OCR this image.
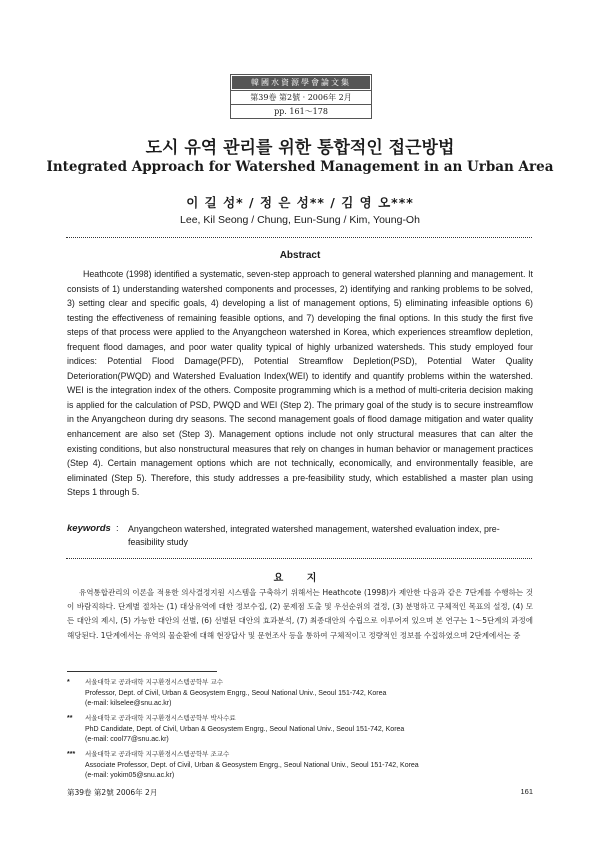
韓國水資源學會論文集
第39卷 第2號 · 2006年 2月
pp. 161～178
도시 유역 관리를 위한 통합적인 접근방법
Integrated Approach for Watershed Management in an Urban Area
이 길 성* / 정 은 성** / 김 영 오***
Lee, Kil Seong / Chung, Eun-Sung / Kim, Young-Oh
Abstract
Heathcote (1998) identified a systematic, seven-step approach to general watershed planning and management. It consists of 1) understanding watershed components and processes, 2) identifying and ranking problems to be solved, 3) setting clear and specific goals, 4) developing a list of management options, 5) eliminating infeasible options 6) testing the effectiveness of remaining feasible options, and 7) developing the final options. In this study the first five steps of that process were applied to the Anyangcheon watershed in Korea, which experiences streamflow depletion, frequent flood damages, and poor water quality typical of highly urbanized watersheds. This study employed four indices: Potential Flood Damage(PFD), Potential Streamflow Depletion(PSD), Potential Water Quality Deterioration(PWQD) and Watershed Evaluation Index(WEI) to identify and quantify problems within the watershed. WEI is the integration index of the others. Composite programming which is a method of multi-criteria decision making is applied for the calculation of PSD, PWQD and WEI (Step 2). The primary goal of the study is to secure instreamflow in the Anyangcheon during dry seasons. The second management goals of flood damage mitigation and water quality enhancement are also set (Step 3). Management options include not only structural measures that can alter the existing conditions, but also nonstructural measures that rely on changes in human behavior or management practices (Step 4). Certain management options which are not technically, economically, and environmentally feasible, are eliminated (Step 5). Therefore, this study addresses a pre-feasibility study, which established a master plan using Steps 1 through 5.
keywords : Anyangcheon watershed, integrated watershed management, watershed evaluation index, pre-feasibility study
요 지
유역통합관리의 이론을 적용한 의사결정지원 시스템을 구축하기 위해서는 Heathcote (1998)가 제안한 다음과 같은 7단계를 수행하는 것이 바람직하다. 단계별 절차는 (1) 대상유역에 대한 정보수집, (2) 문제점 도출 및 우선순위의 결정, (3) 분명하고 구체적인 목표의 설정, (4) 모든 대안의 제시, (5) 가능한 대안의 선별, (6) 선별된 대안의 효과분석, (7) 최종대안의 수립으로 이루어져 있으며 본 연구는 1～5단계의 과정에 해당된다. 1단계에서는 유역의 물순환에 대해 현장답사 및 문헌조사 등을 통하여 구체적이고 정량적인 정보를 수집하였으며 2단계에서는 중
* 서울대학교 공과대학 지구환경시스템공학부 교수
Professor, Dept. of Civil, Urban & Geosystem Engrg., Seoul National Univ., Seoul 151-742, Korea
(e-mail: kilselee@snu.ac.kr)
** 서울대학교 공과대학 지구환경시스템공학부 박사수료
PhD Candidate, Dept. of Civil, Urban & Geosystem Engrg., Seoul National Univ., Seoul 151-742, Korea
(e-mail: cool77@snu.ac.kr)
*** 서울대학교 공과대학 지구환경시스템공학부 조교수
Associate Professor, Dept. of Civil, Urban & Geosystem Engrg., Seoul National Univ., Seoul 151-742, Korea
(e-mail: yokim05@snu.ac.kr)
第39卷 第2號 2006年 2月	161
